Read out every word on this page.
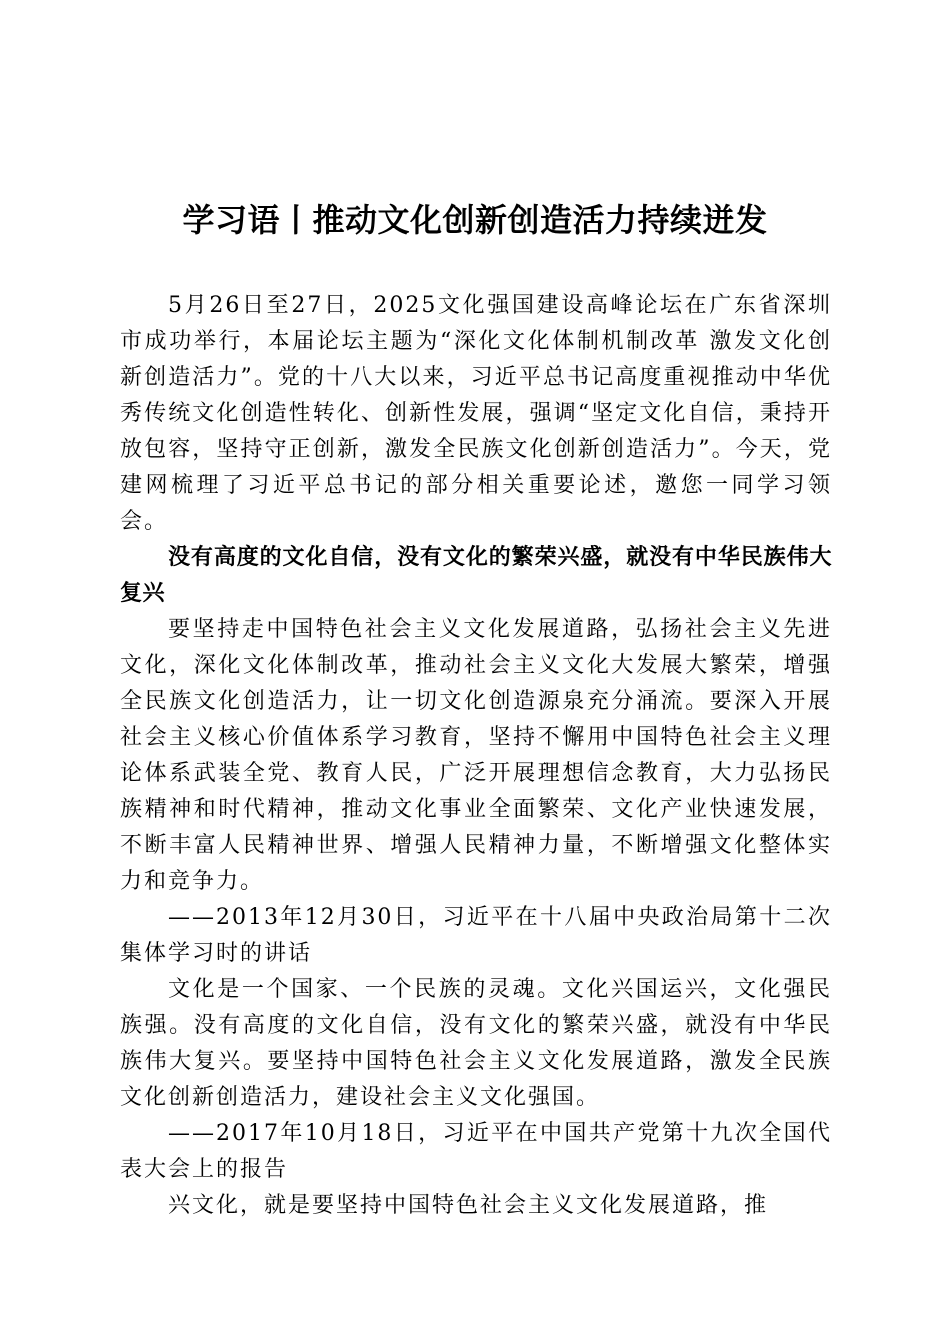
学习语丨推动文化创新创造活力持续迸发

5月26日至27日，2025文化强国建设高峰论坛在广东省深圳市成功举行，本届论坛主题为“深化文化体制机制改革 激发文化创新创造活力”。党的十八大以来，习近平总书记高度重视推动中华优秀传统文化创造性转化、创新性发展，强调“坚定文化自信，秉持开放包容，坚持守正创新，激发全民族文化创新创造活力”。今天，党建网梳理了习近平总书记的部分相关重要论述，邀您一同学习领会。

没有高度的文化自信，没有文化的繁荣兴盛，就没有中华民族伟大复兴

要坚持走中国特色社会主义文化发展道路，弘扬社会主义先进文化，深化文化体制改革，推动社会主义文化大发展大繁荣，增强全民族文化创造活力，让一切文化创造源泉充分涌流。要深入开展社会主义核心价值体系学习教育，坚持不懈用中国特色社会主义理论体系武装全党、教育人民，广泛开展理想信念教育，大力弘扬民族精神和时代精神，推动文化事业全面繁荣、文化产业快速发展，不断丰富人民精神世界、增强人民精神力量，不断增强文化整体实力和竞争力。

——2013年12月30日，习近平在十八届中央政治局第十二次集体学习时的讲话

文化是一个国家、一个民族的灵魂。文化兴国运兴，文化强民族强。没有高度的文化自信，没有文化的繁荣兴盛，就没有中华民族伟大复兴。要坚持中国特色社会主义文化发展道路，激发全民族文化创新创造活力，建设社会主义文化强国。

——2017年10月18日，习近平在中国共产党第十九次全国代表大会上的报告

兴文化，就是要坚持中国特色社会主义文化发展道路，推
